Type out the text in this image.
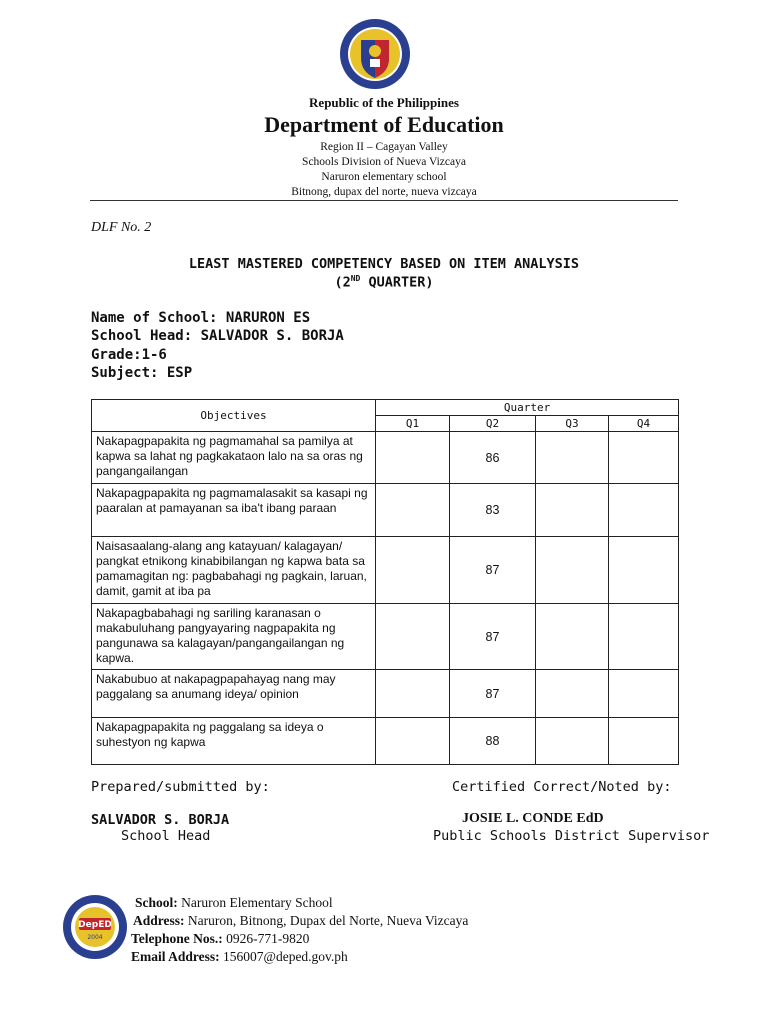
Republic of the Philippines
Department of Education
Region II – Cagayan Valley
Schools Division of Nueva Vizcaya
Naruron elementary school
Bitnong, dupax del norte, nueva vizcaya
DLF No. 2
LEAST MASTERED COMPETENCY BASED ON ITEM ANALYSIS
(2ND QUARTER)
Name of School: NARURON ES
School Head: SALVADOR S. BORJA
Grade:1-6
Subject: ESP
Objectives	Quarter			
	Q1	Q2	Q3	Q4
Nakapagpapakita ng pagmamahal sa pamilya at kapwa sa lahat ng pagkakataon lalo na sa oras ng pangangailangan		86		
Nakapagpapakita ng pagmamalasakit sa kasapi ng paaralan at pamayanan sa iba't ibang paraan		83		
Naisasaalang-alang ang katayuan/ kalagayan/ pangkat etnikong kinabibilangan ng kapwa bata sa pamamagitan ng: pagbabahagi ng pagkain, laruan, damit, gamit at iba pa		87		
Nakapagbabahagi ng sariling karanasan o makabuluhang pangyayaring nagpapakita ng pangunawa sa kalagayan/pangangailangan ng kapwa.		87		
Nakabubuo at nakapagpapahayag nang may paggalang sa anumang ideya/ opinion		87		
Nakapagpapakita ng paggalang sa ideya o suhestyon ng kapwa		88		
Prepared/submitted by:
SALVADOR S. BORJA
School Head
Certified Correct/Noted by:
JOSIE L. CONDE EdD
Public Schools District Supervisor
DepED
2004
School: Naruron Elementary School
Address: Naruron, Bitnong, Dupax del Norte, Nueva Vizcaya
Telephone Nos.: 0926-771-9820
Email Address: 156007@deped.gov.ph
